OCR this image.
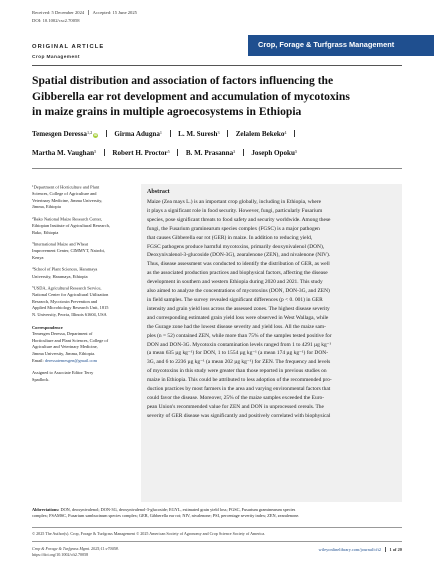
Received: 5 December 2024 Accepted: 15 June 2025
DOI: 10.1002/csc2.70058
Crop, Forage & Turfgrass Management
ORIGINAL ARTICLE
Crop Management
Spatial distribution and association of factors influencing the
Gibberella ear rot development and accumulation of mycotoxins
in maize grains in multiple agroecosystems in Ethiopia
Temesgen Deressa$^{1,2}$ iD Girma Adugna$^1$ L. M. Suresh$^3$ Zelalem Bekeko$^4$
Martha M. Vaughan$^5$ Robert H. Proctor$^5$ B. M. Prasanna$^3$ Joseph Opoku$^5$
$^1$Department of Horticulture and Plant
Sciences, College of Agriculture and
Veterinary Medicine, Jimma University,
Jimma, Ethiopia
$^2$Bako National Maize Research Center,
Ethiopian Institute of Agricultural Research,
Bako, Ethiopia
$^3$International Maize and Wheat
Improvement Center, CIMMYT, Nairobi,
Kenya
$^4$School of Plant Sciences, Haramaya
University, Haramaya, Ethiopia
$^5$USDA, Agricultural Research Service,
National Center for Agricultural Utilization
Research, Mycotoxin Prevention and
Applied Microbiology Research Unit, 1815
N. University, Peoria, Illinois 61604, USA
Correspondence
Temesgen Deressa, Department of
Horticulture and Plant Sciences, College of
Agriculture and Veterinary Medicine,
Jimma University, Jimma, Ethiopia.
Email: deressatemesgen@gmail.com
Assigned to Associate Editor Terry
Spadlock.
Abstract
Maize (Zea mays L.) is an important crop globally, including in Ethiopia, where
it plays a significant role in food security. However, fungi, particularly Fusarium
species, pose significant threats to food safety and security worldwide. Among these
fungi, the Fusarium graminearum species complex (FGSC) is a major pathogen
that causes Gibberella ear rot (GER) in maize. In addition to reducing yield,
FGSC pathogens produce harmful mycotoxins, primarily deoxynivalenol (DON),
Deoxynivalenol-3-glucoside (DON-3G), zearalenone (ZEN), and nivalenone (NIV).
Thus, disease assessment was conducted to identify the distribution of GER, as well
as the associated production practices and biophysical factors, affecting the disease
development in southern and western Ethiopia during 2020 and 2021. This study
also aimed to analyze the concentrations of mycotoxins (DON, DON-3G, and ZEN)
in field samples. The survey revealed significant differences (p < 0. 001) in GER
intensity and grain yield loss across the assessed zones. The highest disease severity
and corresponding estimated grain yield loss were observed in West Wallaga, while
the Gurage zone had the lowest disease severity and yield loss. All the maize sam-
ples (n = 52) contained ZEN, while more than 75% of the samples tested positive for
DON and DON-3G. Mycotoxin contamination levels ranged from 1 to 4291 µg kg⁻¹
(a mean 635 µg kg⁻¹) for DON, 1 to 1554 µg kg⁻¹ (a mean 174 µg kg⁻¹) for DON-
3G, and 6 to 2236 µg kg⁻¹ (a mean 202 µg kg⁻¹) for ZEN. The frequency and levels
of mycotoxins in this study were greater than those reported in previous studies on
maize in Ethiopia. This could be attributed to less adoption of the recommended pro-
duction practices by most farmers in the area and varying environmental factors that
could favor the disease. Moreover, 25% of the maize samples exceeded the Euro-
pean Union's recommended value for ZEN and DON in unprocessed cereals. The
severity of GER disease was significantly and positively correlated with biophysical
Abbreviations: DON, deoxynivalenol; DON-3G, deoxynivalenol-3-glucoside; EGYL, estimated grain yield loss; FGSC, Fusarium graminearum species
complex; FSAMSC, Fusarium sambucinum species complex; GER, Gibberella ear rot; NIV, nivalenone; PSI, percentage severity index; ZEN, zearalenone.
© 2025 The Author(s). Crop, Forage & Turfgrass Management © 2025 American Society of Agronomy and Crop Science Society of America.
Crop & Forage & Turfgrass Mgmt. 2025;11:e70058.
https://doi.org/10.1002/cft2.70058
wileyonlinelibrary.com/journal/cft2 1 of 20
